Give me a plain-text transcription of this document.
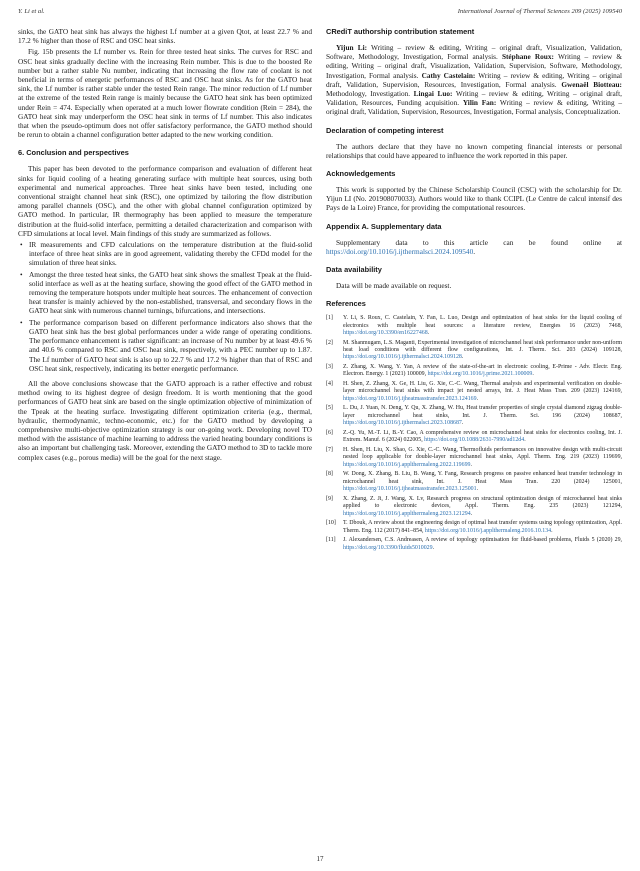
Y. Li et al.	International Journal of Thermal Sciences 209 (2025) 109540

sinks, the GATO heat sink has always the highest Lf number at a given Qtot, at least 22.7 % and 17.2 % higher than those of RSC and OSC heat sinks.

Fig. 15b presents the Lf number vs. Rein for three tested heat sinks. The curves for RSC and OSC heat sinks gradually decline with the increasing Rein number. This is due to the boosted Re number but a rather stable Nu number, indicating that increasing the flow rate of coolant is not beneficial in terms of energetic performances of RSC and OSC heat sinks. As for the GATO heat sink, the Lf number is rather stable under the tested Rein range. The minor reduction of Lf number at the extreme of the tested Rein range is mainly because the GATO heat sink has been optimized under Rein = 474. Especially when operated at a much lower flowrate condition (Rein = 284), the GATO heat sink may underperform the OSC heat sink in terms of Lf number. This also indicates that when the pseudo-optimum does not offer satisfactory performance, the GATO method should be rerun to obtain a channel configuration better adapted to the new working condition.

6. Conclusion and perspectives

This paper has been devoted to the performance comparison and evaluation of different heat sinks for liquid cooling of a heating generating surface with multiple heat sources, using both experimental and numerical approaches. Three heat sinks have been tested, including one conventional straight channel heat sink (RSC), one optimized by tailoring the flow distribution among parallel channels (OSC), and the other with global channel configuration optimized by GATO method. In particular, IR thermography has been applied to measure the temperature distribution at the fluid-solid interface, permitting a detailed characterization and comparison with CFD simulations at local level. Main findings of this study are summarized as follows.

• IR measurements and CFD calculations on the temperature distribution at the fluid-solid interface of three heat sinks are in good agreement, validating thereby the CFDd model for the simulation of three heat sinks.
• Amongst the three tested heat sinks, the GATO heat sink shows the smallest Tpeak at the fluid-solid interface as well as at the heating surface, showing the good effect of the GATO method in removing the temperature hotspots under multiple heat sources. The enhancement of convection heat transfer is mainly achieved by the non-established, transversal, and secondary flows in the GATO heat sink with numerous channel turnings, bifurcations, and intersections.
• The performance comparison based on different performance indicators also shows that the GATO heat sink has the best global performances under a wide range of operating conditions. The performance enhancement is rather significant: an increase of Nu number by at least 49.6 % and 40.6 % compared to RSC and OSC heat sink, respectively, with a PEC number up to 1.87. The Lf number of GATO heat sink is also up to 22.7 % and 17.2 % higher than that of RSC and OSC heat sink, respectively, indicating its better energetic performance.

All the above conclusions showcase that the GATO approach is a rather effective and robust method owing to its highest degree of design freedom. It is worth mentioning that the good performances of GATO heat sink are based on the single optimization objective of minimization of the Tpeak at the heating surface. Investigating different optimization criteria (e.g., thermal, hydraulic, thermodynamic, techno-economic, etc.) for the GATO method by developing a comprehensive multi-objective optimization strategy is our on-going work. Developing novel TO method with the assistance of machine learning to address the varied heating boundary conditions is also an important but challenging task. Moreover, extending the GATO method to 3D to tackle more complex cases (e.g., porous media) will be the goal for the next stage.

CRediT authorship contribution statement

Yijun Li: Writing – review & editing, Writing – original draft, Visualization, Validation, Software, Methodology, Investigation, Formal analysis. Stéphane Roux: Writing – review & editing, Writing – original draft, Visualization, Validation, Supervision, Software, Methodology, Investigation, Formal analysis. Cathy Castelain: Writing – review & editing, Writing – original draft, Validation, Supervision, Resources, Investigation, Formal analysis. Gwenaël Biotteau: Methodology, Investigation. Lingai Luo: Writing – review & editing, Writing – original draft, Validation, Resources, Funding acquisition. Yilin Fan: Writing – review & editing, Writing – original draft, Validation, Supervision, Resources, Investigation, Formal analysis, Conceptualization.

Declaration of competing interest

The authors declare that they have no known competing financial interests or personal relationships that could have appeared to influence the work reported in this paper.

Acknowledgements

This work is supported by the Chinese Scholarship Council (CSC) with the scholarship for Dr. Yijun LI (No. 201908070033). Authors would like to thank CCIPL (Le Centre de calcul intensif des Pays de la Loire) France, for providing the computational resources.

Appendix A. Supplementary data

Supplementary data to this article can be found online at https://doi.org/10.1016/j.ijthermalsci.2024.109540.

Data availability

Data will be made available on request.

References
[1] Y. Li, S. Roux, C. Castelain, Y. Fan, L. Luo, Design and optimization of heat sinks for the liquid cooling of electronics with multiple heat sources: a literature review, Energies 16 (2023) 7468, https://doi.org/10.3390/en16227468.
[2] M. Shanmugam, L.S. Maganti, Experimental investigation of microchannel heat sink performance under non-uniform heat load conditions with different flow configurations, Int. J. Therm. Sci. 203 (2024) 109128, https://doi.org/10.1016/j.ijthermalsci.2024.109128.
[3] Z. Zhang, X. Wang, Y. Yan, A review of the state-of-the-art in electronic cooling, E-Prime - Adv. Electr. Eng. Electron. Energy. 1 (2021) 100009, https://doi.org/10.1016/j.prime.2021.100009.
[4] H. Shen, Z. Zhang, X. Ge, H. Liu, G. Xie, C.-C. Wang, Thermal analysis and experimental verification on double-layer microchannel heat sinks with impact jet nested arrays, Int. J. Heat Mass Tran. 209 (2023) 124169, https://doi.org/10.1016/j.ijheatmasstransfer.2023.124169.
[5] L. Du, J. Yuan, N. Deng, Y. Qu, X. Zhang, W. Hu, Heat transfer properties of single crystal diamond zigzag double-layer microchannel heat sinks, Int. J. Therm. Sci. 196 (2024) 108687, https://doi.org/10.1016/j.ijthermalsci.2023.108687.
[6] Z.-Q. Yu, M.-T. Li, B.-Y. Cao, A comprehensive review on microchannel heat sinks for electronics cooling, Int. J. Extrem. Manuf. 6 (2024) 022005, https://doi.org/10.1088/2631-7990/ad12d4.
[7] H. Shen, H. Liu, X. Shao, G. Xie, C.-C. Wang, Thermofluids performances on innovative design with multi-circuit nested loop applicable for double-layer microchannel heat sinks, Appl. Therm. Eng. 219 (2023) 119699, https://doi.org/10.1016/j.applthermaleng.2022.119699.
[8] W. Dong, X. Zhang, B. Liu, B. Wang, Y. Fang, Research progress on passive enhanced heat transfer technology in microchannel heat sink, Int. J. Heat Mass Tran. 220 (2024) 125001, https://doi.org/10.1016/j.ijheatmasstransfer.2023.125001.
[9] X. Zhang, Z. Ji, J. Wang, X. Lv, Research progress on structural optimization design of microchannel heat sinks applied to electronic devices, Appl. Therm. Eng. 235 (2023) 121294, https://doi.org/10.1016/j.applthermaleng.2023.121294.
[10] T. Dbouk, A review about the engineering design of optimal heat transfer systems using topology optimization, Appl. Therm. Eng. 112 (2017) 841–854, https://doi.org/10.1016/j.applthermaleng.2016.10.134.
[11] J. Alexandersen, C.S. Andreasen, A review of topology optimisation for fluid-based problems, Fluids 5 (2020) 29, https://doi.org/10.3390/fluids5010029.
17
